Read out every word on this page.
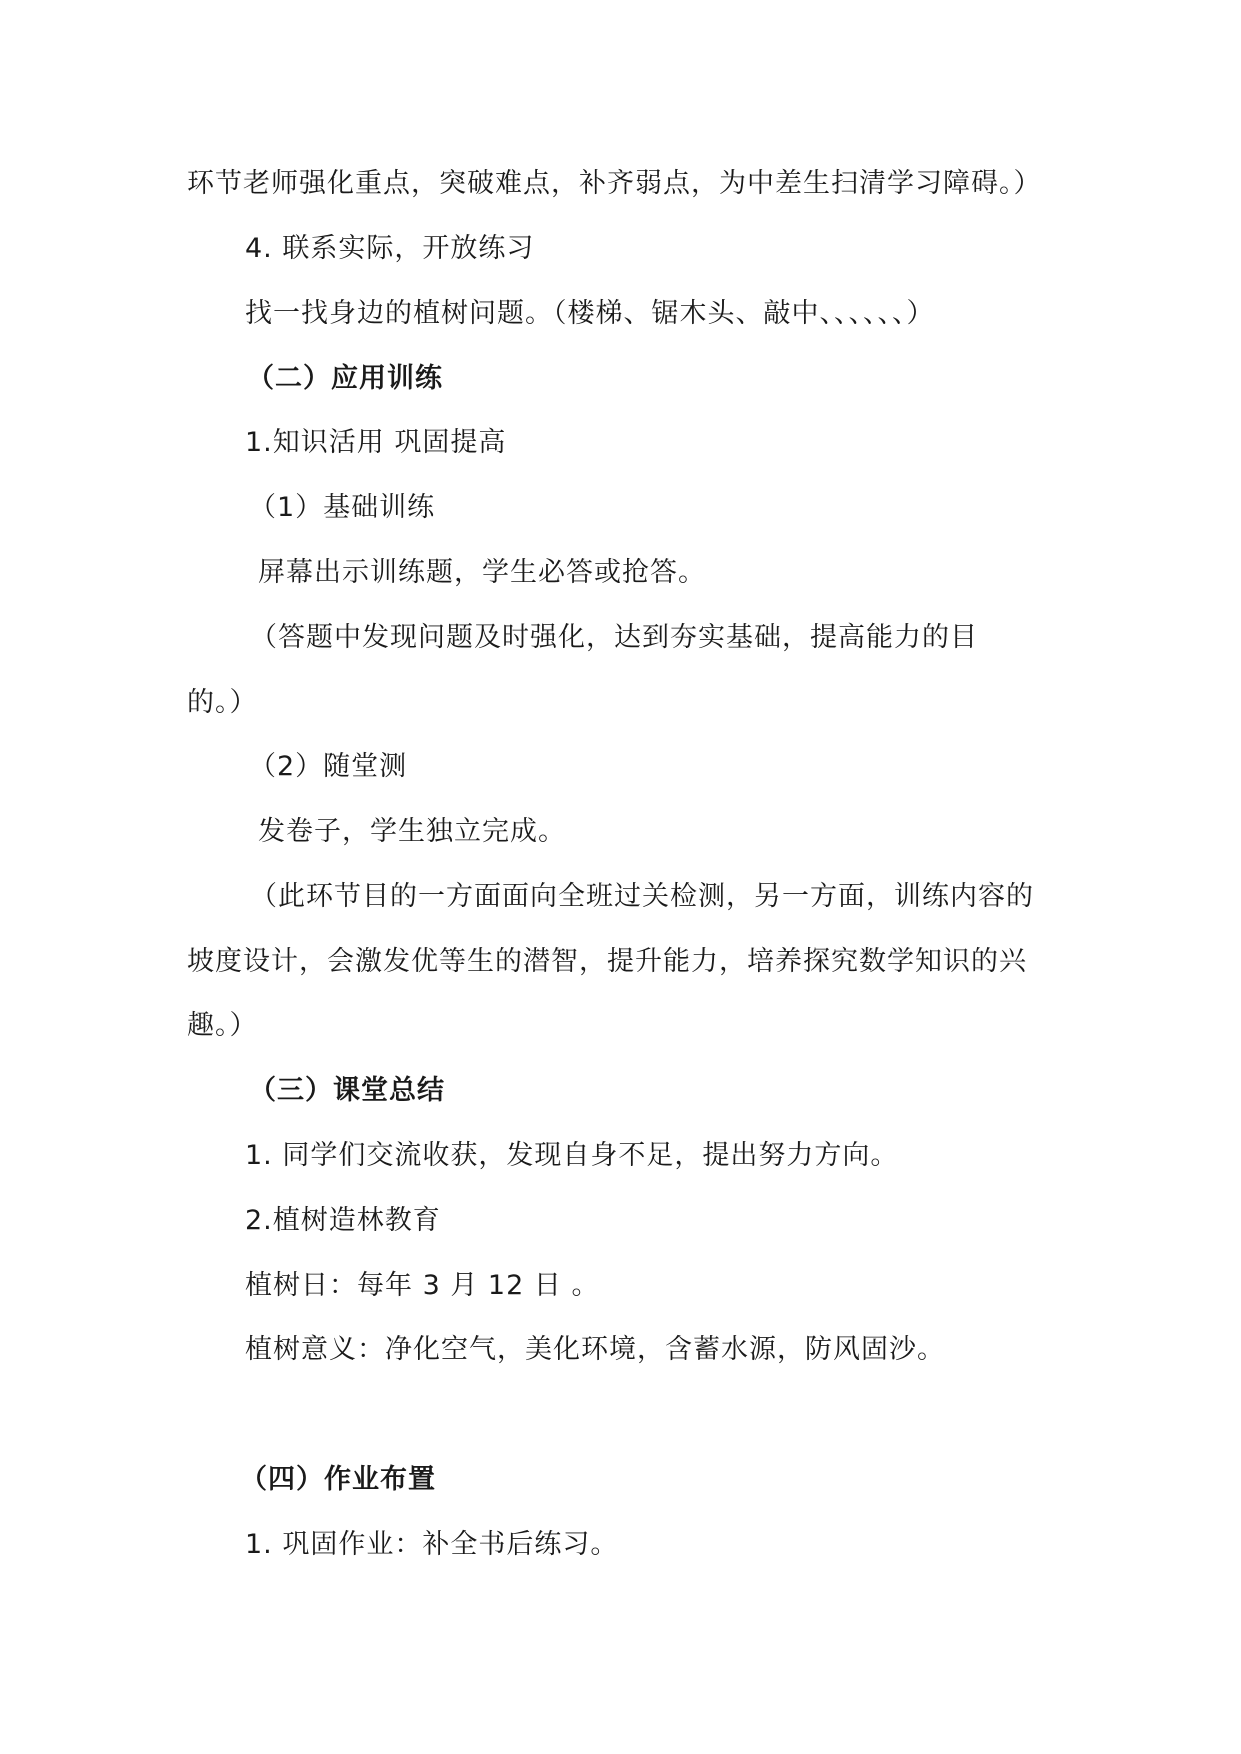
环节老师强化重点，突破难点，补齐弱点，为中差生扫清学习障碍。）
4. 联系实际，开放练习
找一找身边的植树问题。（楼梯、锯木头、敲中、、、、、、）
（二）应用训练
1.知识活用 巩固提高
（1）基础训练
屏幕出示训练题，学生必答或抢答。
（答题中发现问题及时强化，达到夯实基础，提高能力的目
的。）
（2）随堂测
发卷子，学生独立完成。
（此环节目的一方面面向全班过关检测，另一方面，训练内容的
坡度设计，会激发优等生的潜智，提升能力，培养探究数学知识的兴
趣。）
（三）课堂总结
1. 同学们交流收获，发现自身不足，提出努力方向。
2.植树造林教育
植树日：每年 3 月 12 日 。
植树意义：净化空气，美化环境，含蓄水源，防风固沙。
（四）作业布置
1. 巩固作业：补全书后练习。
